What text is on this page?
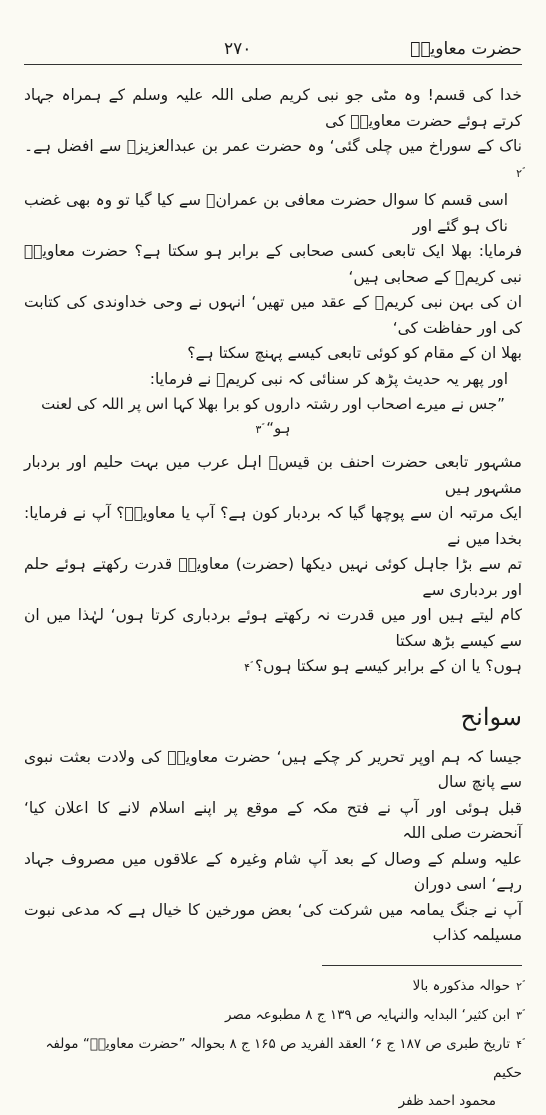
حضرت معاویہؓ
۲۷۰

خدا کی قسم! وہ مٹی جو نبی کریم صلی اللہ علیہ وسلم کے ہمراہ جہاد کرتے ہوئے حضرت معاویہؓ کی

ناک کے سوراخ میں چلی گئی‘ وہ حضرت عمر بن عبدالعزیزؒ سے افضل ہے۔ ؐ۲

اسی قسم کا سوال حضرت معافی بن عمرانؒ سے کیا گیا تو وہ بھی غضب ناک ہو گئے اور

فرمایا: بھلا ایک تابعی کسی صحابی کے برابر ہو سکتا ہے؟ حضرت معاویہؓ نبی کریمؐ کے صحابی ہیں‘

ان کی بہن نبی کریمؐ کے عقد میں تھیں‘ انہوں نے وحی خداوندی کی کتابت کی اور حفاظت کی‘

بھلا ان کے مقام کو کوئی تابعی کیسے پہنچ سکتا ہے؟

اور پھر یہ حدیث پڑھ کر سنائی کہ نبی کریمؐ نے فرمایا:

”جس نے میرے اصحاب اور رشتہ داروں کو برا بھلا کہا اس پر اللہ کی لعنت

ہو“ ؐ۳

مشہور تابعی حضرت احنف بن قیسؒ اہل عرب میں بہت حلیم اور بردبار مشہور ہیں

ایک مرتبہ ان سے پوچھا گیا کہ بردبار کون ہے؟ آپ یا معاویہؓ؟ آپ نے فرمایا: بخدا میں نے

تم سے بڑا جاہل کوئی نہیں دیکھا (حضرت) معاویہؓ قدرت رکھتے ہوئے حلم اور بردباری سے

کام لیتے ہیں اور میں قدرت نہ رکھتے ہوئے بردباری کرتا ہوں‘ لہٰذا میں ان سے کیسے بڑھ سکتا

ہوں؟ یا ان کے برابر کیسے ہو سکتا ہوں؟ ؐ۴

سوانح

جیسا کہ ہم اوپر تحریر کر چکے ہیں‘ حضرت معاویہؓ کی ولادت بعثت نبوی سے پانچ سال

قبل ہوئی اور آپ نے فتح مکہ کے موقع پر اپنے اسلام لانے کا اعلان کیا‘ آنحضرت صلی اللہ

علیہ وسلم کے وصال کے بعد آپ شام وغیرہ کے علاقوں میں مصروف جہاد رہے‘ اسی دوران

آپ نے جنگ یمامہ میں شرکت کی‘ بعض مورخین کا خیال ہے کہ مدعی نبوت مسیلمہ کذاب

ؐ۲حوالہ مذکورہ بالا

ؐ۳ابن کثیر‘ البدایہ والنہایہ ص ۱۳۹ ج ۸ مطبوعہ مصر

ؐ۴تاریخ طبری ص ۱۸۷ ج ۶‘ العقد الفرید ص ۱۶۵ ج ۸ بحوالہ ”حضرت معاویہؓ“ مولفہ حکیم

محمود احمد ظفر
